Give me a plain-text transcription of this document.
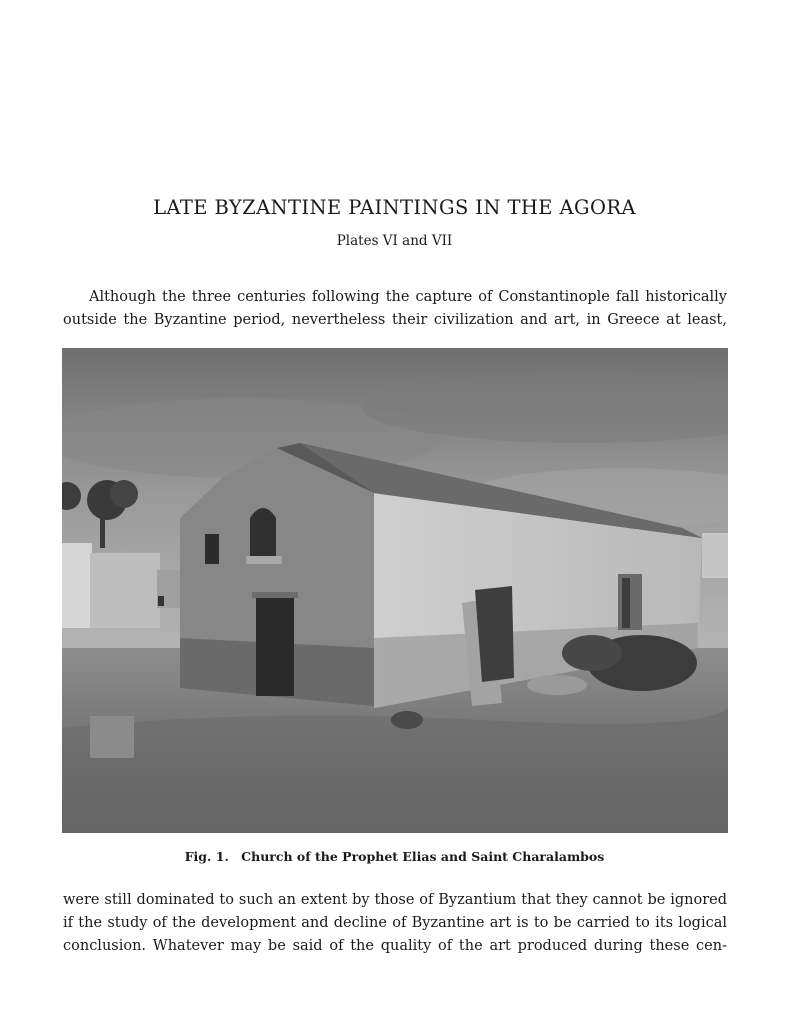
LATE BYZANTINE PAINTINGS IN THE AGORA

Plates VI and VII

Although the three centuries following the capture of Constantinople fall historically
outside the Byzantine period, nevertheless their civilization and art, in Greece at least,

Fig. 1. Church of the Prophet Elias and Saint Charalambos

were still dominated to such an extent by those of Byzantium that they cannot be ignored
if the study of the development and decline of Byzantine art is to be carried to its logical
conclusion. Whatever may be said of the quality of the art produced during these cen-
